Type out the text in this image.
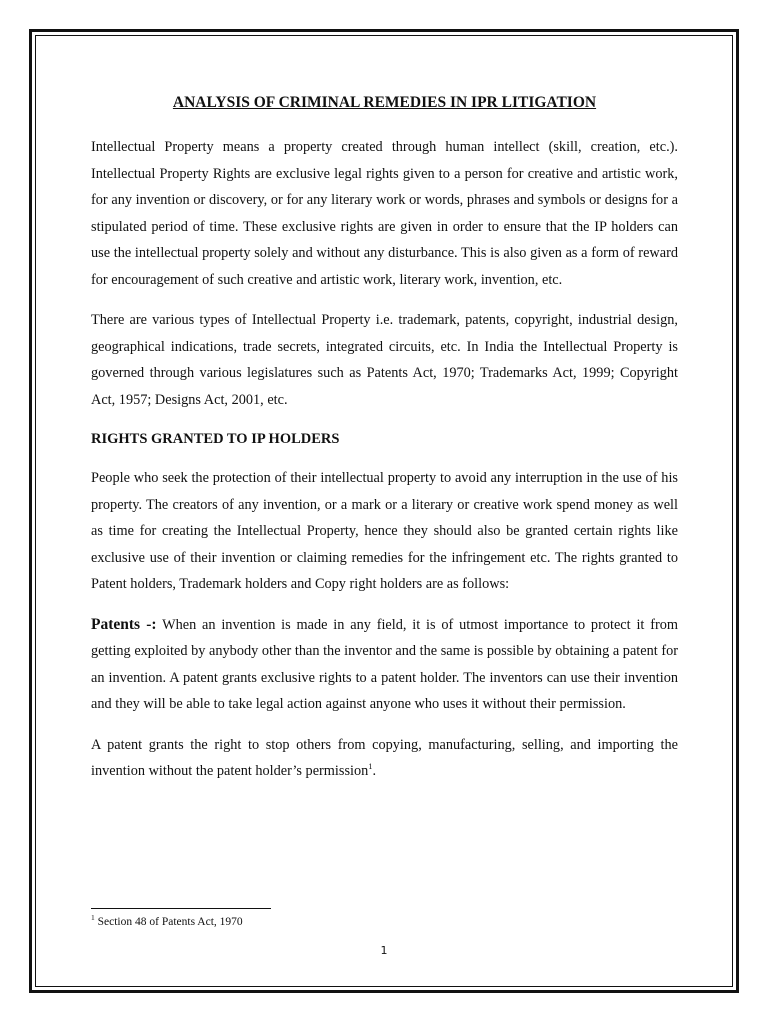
ANALYSIS OF CRIMINAL REMEDIES IN IPR LITIGATION

Intellectual Property means a property created through human intellect (skill, creation, etc.). Intellectual Property Rights are exclusive legal rights given to a person for creative and artistic work, for any invention or discovery, or for any literary work or words, phrases and symbols or designs for a stipulated period of time. These exclusive rights are given in order to ensure that the IP holders can use the intellectual property solely and without any disturbance. This is also given as a form of reward for encouragement of such creative and artistic work, literary work, invention, etc.

There are various types of Intellectual Property i.e. trademark, patents, copyright, industrial design, geographical indications, trade secrets, integrated circuits, etc. In India the Intellectual Property is governed through various legislatures such as Patents Act, 1970; Trademarks Act, 1999; Copyright Act, 1957; Designs Act, 2001, etc.

RIGHTS GRANTED TO IP HOLDERS

People who seek the protection of their intellectual property to avoid any interruption in the use of his property. The creators of any invention, or a mark or a literary or creative work spend money as well as time for creating the Intellectual Property, hence they should also be granted certain rights like exclusive use of their invention or claiming remedies for the infringement etc. The rights granted to Patent holders, Trademark holders and Copy right holders are as follows:

Patents -: When an invention is made in any field, it is of utmost importance to protect it from getting exploited by anybody other than the inventor and the same is possible by obtaining a patent for an invention. A patent grants exclusive rights to a patent holder. The inventors can use their invention and they will be able to take legal action against anyone who uses it without their permission.

A patent grants the right to stop others from copying, manufacturing, selling, and importing the invention without the patent holder’s permission$^1$.

$^1$ Section 48 of Patents Act, 1970
1
